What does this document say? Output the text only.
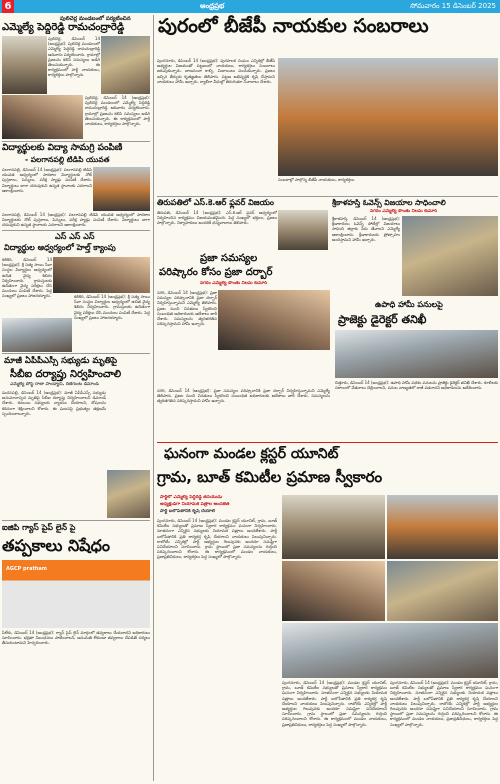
6	ఆంధ్రప్రభ	సోమవారం 15 డిసెంబర్ 2025
పులిచెర్ల మండలంలో పర్యటించిన
ఎమ్మెల్యే పెద్దిరెడ్డి రామచంద్రారెడ్డి
పులిచెర్ల, డిసెంబర్ 14 (ఆంధ్రప్రభ): పులిచెర్ల మండలంలో ఎమ్మెల్యే పెద్దిరెడ్డి రామచంద్రారెడ్డి ఆదివారం పర్యటించారు. గ్రామాల్లో ప్రజలను కలిసి సమస్యలు అడిగి తెలుసుకున్నారు. ఈ కార్యక్రమంలో పార్టీ నాయకులు, కార్యకర్తలు పాల్గొన్నారు.
పులిచెర్ల, డిసెంబర్ 14 (ఆంధ్రప్రభ): పులిచెర్ల మండలంలో ఎమ్మెల్యే పెద్దిరెడ్డి రామచంద్రారెడ్డి ఆదివారం పర్యటించారు. గ్రామాల్లో ప్రజలను కలిసి సమస్యలు అడిగి తెలుసుకున్నారు. ఈ కార్యక్రమంలో పార్టీ నాయకులు, కార్యకర్తలు పాల్గొన్నారు.
విద్యార్థులకు విద్యా సామగ్రి పంపిణీ
- పలగానపల్లి టిడిపి యువత
పలగానపల్లి, డిసెంబర్ 14 (ఆంధ్రప్రభ): పలగానపల్లి టిడిపి యువత ఆధ్వర్యంలో పాఠశాల విద్యార్థులకు నోట్ పుస్తకాలు, పెన్నులు, పరీక్ష ప్యాడ్లు పంపిణీ చేశారు. విద్యార్థులు బాగా చదువుకుని ఉన్నత స్థానాలకు ఎదగాలని ఆకాంక్షించారు.
పలగానపల్లి, డిసెంబర్ 14 (ఆంధ్రప్రభ): పలగానపల్లి టిడిపి యువత ఆధ్వర్యంలో పాఠశాల విద్యార్థులకు నోట్ పుస్తకాలు, పెన్నులు, పరీక్ష ప్యాడ్లు పంపిణీ చేశారు. విద్యార్థులు బాగా చదువుకుని ఉన్నత స్థానాలకు ఎదగాలని ఆకాంక్షించారు.
ఎస్ ఎస్ ఎస్
విద్యార్థుల ఆధ్వర్యంలో హెల్త్ క్యాంపు
కలికిరి, డిసెంబర్ 14 (ఆంధ్రప్రభ): శ్రీ సత్య సాయి సేవా సంస్థల విద్యార్థుల ఆధ్వర్యంలో ఉచిత వైద్య శిబిరం నిర్వహించారు. గ్రామస్తులకు ఉచితంగా వైద్య పరీక్షలు చేసి మందులు పంపిణీ చేశారు. పెద్ద సంఖ్యలో ప్రజలు హాజరయ్యారు.	కలికిరి, డిసెంబర్ 14 (ఆంధ్రప్రభ): శ్రీ సత్య సాయి సేవా సంస్థల విద్యార్థుల ఆధ్వర్యంలో ఉచిత వైద్య శిబిరం నిర్వహించారు. గ్రామస్తులకు ఉచితంగా వైద్య పరీక్షలు చేసి మందులు పంపిణీ చేశారు. పెద్ద సంఖ్యలో ప్రజలు హాజరయ్యారు.
మాజీ ఏపీపీఎస్సీ సభ్యుడు మృతిపై
సీబీఐ దర్యాప్తు నిర్వహించాలి
ఎమ్మెల్యే పోస్ట్ రాజా పాండ్యాచి, రేణిగుంట డిమాండ్
మదనపల్లి, డిసెంబర్ 14 (ఆంధ్రప్రభ): మాజీ ఏపీపీఎస్సీ సభ్యుడు అనుమానాస్పద మృతిపై సీబీఐ దర్యాప్తు నిర్వహించాలని డిమాండ్ చేశారు. కుటుంబ సభ్యులకు న్యాయం చేయాలని, దోషులను కఠినంగా శిక్షించాలని కోరారు. ఈ ఘటనపై ప్రభుత్వం తక్షణమే స్పందించాలన్నారు.
ఐజిపి గ్యాస్ పైప్ లైన్ పై
తప్పకాలు నిషేధం
AGCP pratham
పీలేరు, డిసెంబర్ 14 (ఆంధ్రప్రభ): గ్యాస్ పైప్ లైన్ మార్గంలో తవ్వకాలు చేయరాదని అధికారులు సూచించారు. భద్రతా నిబంధనలు పాటించాలని, అనుమతి లేకుండా తవ్వకాలు చేపడితే చర్యలు తీసుకుంటామని హెచ్చరించారు.
పురంలో బీజేపీ నాయకుల సంబరాలు
పుంగనూరు, డిసెంబర్ 14 (ఆంధ్రప్రభ): పురపాలక సంఘం ఎన్నికల్లో బీజేపీ అభ్యర్థుల విజయంతో పట్టణంలో నాయకులు, కార్యకర్తలు సంబరాలు జరుపుకున్నారు. బాణసంచా కాల్చి, మిఠాయిలు పంచుకున్నారు. ప్రజలు ఇచ్చిన తీర్పుకు కృతజ్ఞతలు తెలిపారు. పట్టణ అభివృద్ధికి కృషి చేస్తామని నాయకులు హామీ ఇచ్చారు. ర్యాలీగా వీధుల్లో తిరుగుతూ నినాదాలు చేశారు.
సంబరాల్లో పాల్గొన్న బీజేపీ నాయకులు, కార్యకర్తలు
తిరుపతిలో ఎస్.కె.ఆర్ ఫ్లవర్ విజయం
తిరుపతి, డిసెంబర్ 14 (ఆంధ్రప్రభ): ఎస్.కె.ఆర్ ఫ్లవర్ ఆధ్వర్యంలో నిర్వహించిన కార్యక్రమం విజయవంతమైంది. పెద్ద సంఖ్యలో భక్తులు, ప్రజలు పాల్గొన్నారు. నిర్వాహకులు అందరికీ ధన్యవాదాలు తెలిపారు.
శ్రీకాళహస్తి ఓవెన్స్ విజయాల సాధించాలి
నగరం ఎమ్మెల్యే పొంతు నీలమ్ కుమార్
శ్రీకాళహస్తి, డిసెంబర్ 14 (ఆంధ్రప్రభ): క్రీడాకారులు ఓవెన్స్ పోటీల్లో విజయాలు సాధించి జిల్లాకు పేరు తేవాలని ఎమ్మెల్యే ఆకాంక్షించారు. క్రీడాకారులకు ప్రోత్సాహం అందిస్తామని హామీ ఇచ్చారు.
ప్రజా సమస్యల
పరిష్కారం కోసం ప్రజా దర్బార్
నగరం ఎమ్మెల్యే పొంతు నీలమ్ కుమార్
నగరి, డిసెంబర్ 14 (ఆంధ్రప్రభ): ప్రజా సమస్యల పరిష్కారానికి ప్రజా దర్బార్ నిర్వహిస్తున్నామని ఎమ్మెల్యే తెలిపారు. ప్రజల నుంచి వినతులు స్వీకరించి సంబంధిత అధికారులకు ఆదేశాలు జారీ చేశారు. సమస్యలను త్వరితగతిన పరిష్కరిస్తామని హామీ ఇచ్చారు.
నగరి, డిసెంబర్ 14 (ఆంధ్రప్రభ): ప్రజా సమస్యల పరిష్కారానికి ప్రజా దర్బార్ నిర్వహిస్తున్నామని ఎమ్మెల్యే తెలిపారు. ప్రజల నుంచి వినతులు స్వీకరించి సంబంధిత అధికారులకు ఆదేశాలు జారీ చేశారు. సమస్యలను త్వరితగతిన పరిష్కరిస్తామని హామీ ఇచ్చారు.
ఉపాధి హామీ పనులపై
ప్రాజెక్టు డైరెక్టర్ తనిఖీ
చిత్తూరు, డిసెంబర్ 14 (ఆంధ్రప్రభ): ఉపాధి హామీ పథకం పనులను ప్రాజెక్టు డైరెక్టర్ తనిఖీ చేశారు. కూలీలకు సకాలంలో వేతనాలు చెల్లించాలని, పనుల నాణ్యతలో రాజీ పడరాదని అధికారులను ఆదేశించారు.
ఘనంగా మండల క్లస్టర్ యూనిట్
గ్రామ, బూత్ కమిటీల ప్రమాణ స్వీకారం
పార్టీలో ఎమ్మెల్యే పెద్దిరెడ్డి తనయుడు
అధ్యక్షుడిగా నియామక పత్రాల అందజేత
పార్టీ బలోపేతానికి కృషి చేయాలి
పుంగనూరు, డిసెంబర్ 14 (ఆంధ్రప్రభ): మండల క్లస్టర్ యూనిట్, గ్రామ, బూత్ కమిటీల సభ్యులతో ప్రమాణ స్వీకార కార్యక్రమం ఘనంగా నిర్వహించారు. నూతనంగా ఎన్నికైన సభ్యులకు నియామక పత్రాలు అందజేశారు. పార్టీ బలోపేతానికి ప్రతి కార్యకర్త కృషి చేయాలని నాయకులు పిలుపునిచ్చారు. రాబోయే ఎన్నికల్లో పార్టీ అభ్యర్థుల గెలుపునకు అందరూ సమష్టిగా పనిచేయాలని సూచించారు. గ్రామ స్థాయిలో ప్రజా సమస్యలను గుర్తించి పరిష్కరించాలని కోరారు. ఈ కార్యక్రమంలో మండల నాయకులు, ప్రజాప్రతినిధులు, కార్యకర్తలు పెద్ద సంఖ్యలో పాల్గొన్నారు.
పుంగనూరు, డిసెంబర్ 14 (ఆంధ్రప్రభ): మండల క్లస్టర్ యూనిట్, గ్రామ, బూత్ కమిటీల సభ్యులతో ప్రమాణ స్వీకార కార్యక్రమం ఘనంగా నిర్వహించారు. నూతనంగా ఎన్నికైన సభ్యులకు నియామక పత్రాలు అందజేశారు. పార్టీ బలోపేతానికి ప్రతి కార్యకర్త కృషి చేయాలని నాయకులు పిలుపునిచ్చారు. రాబోయే ఎన్నికల్లో పార్టీ అభ్యర్థుల గెలుపునకు అందరూ సమష్టిగా పనిచేయాలని సూచించారు. గ్రామ స్థాయిలో ప్రజా సమస్యలను గుర్తించి పరిష్కరించాలని కోరారు. ఈ కార్యక్రమంలో మండల నాయకులు, ప్రజాప్రతినిధులు, కార్యకర్తలు పెద్ద సంఖ్యలో పాల్గొన్నారు.
పుంగనూరు, డిసెంబర్ 14 (ఆంధ్రప్రభ): మండల క్లస్టర్ యూనిట్, గ్రామ, బూత్ కమిటీల సభ్యులతో ప్రమాణ స్వీకార కార్యక్రమం ఘనంగా నిర్వహించారు. నూతనంగా ఎన్నికైన సభ్యులకు నియామక పత్రాలు అందజేశారు. పార్టీ బలోపేతానికి ప్రతి కార్యకర్త కృషి చేయాలని నాయకులు పిలుపునిచ్చారు. రాబోయే ఎన్నికల్లో పార్టీ అభ్యర్థుల గెలుపునకు అందరూ సమష్టిగా పనిచేయాలని సూచించారు. గ్రామ స్థాయిలో ప్రజా సమస్యలను గుర్తించి పరిష్కరించాలని కోరారు. ఈ కార్యక్రమంలో మండల నాయకులు, ప్రజాప్రతినిధులు, కార్యకర్తలు పెద్ద సంఖ్యలో పాల్గొన్నారు.
